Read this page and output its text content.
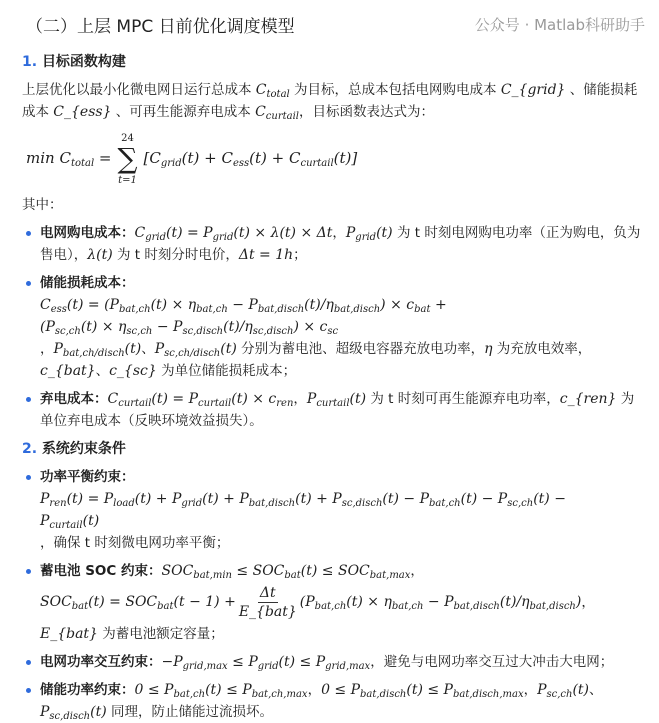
（二）上层 MPC 日前优化调度模型
1. 目标函数构建

上层优化以最小化微电网日运行总成本 $C_{total}$ 为目标，总成本包括电网购电成本 C_{grid} 、储能损耗成本 C_{ess} 、可再生能源弃电成本 $C_{curtail}$，目标函数表达式为：

$\min C_{total}$ =
24
∑
t=1
$[C_{grid}(t) + C_{ess}(t) + C_{curtail}(t)]$

其中：

电网购电成本：$C_{grid}(t) = P_{grid}(t) \times \lambda(t) \times \Delta t$，$P_{grid}(t)$ 为 t 时刻电网购电功率（正为购电，负为售电），λ(t) 为 t 时刻分时电价，Δt = 1h；
储能损耗成本：
$C_{ess}(t) = (P_{bat,ch}(t) \times \eta_{bat,ch} - P_{bat,disch}(t)/\eta_{bat,disch}) \times c_{bat}$ +
$(P_{sc,ch}(t) \times \eta_{sc,ch} - P_{sc,disch}(t)/\eta_{sc,disch}) \times c_{sc}$
，$P_{bat,ch/disch}(t)$、$P_{sc,ch/disch}(t)$ 分别为蓄电池、超级电容器充放电功率，η 为充放电效率，c_{bat}、c_{sc} 为单位储能损耗成本；
弃电成本：$C_{curtail}(t) = P_{curtail}(t) \times c_{ren}$，$P_{curtail}(t)$ 为 t 时刻可再生能源弃电功率，c_{ren} 为单位弃电成本（反映环境效益损失）。
2. 系统约束条件
功率平衡约束：
$P_{ren}(t) = P_{load}(t) + P_{grid}(t) + P_{bat,disch}(t) + P_{sc,disch}(t) - P_{bat,ch}(t) - P_{sc,ch}(t)$ −
$P_{curtail}(t)$
，确保 t 时刻微电网功率平衡；
蓄电池 SOC 约束：$SOC_{bat,min} \le SOC_{bat}(t) \le SOC_{bat,max}$，
$SOC_{bat}(t) = SOC_{bat}(t - 1) + \frac{\Delta t}{\text{E\_\{bat\}}} (P_{bat,ch}(t) \times \eta_{bat,ch} - P_{bat,disch}(t)/\eta_{bat,disch})$，E_{bat} 为蓄电池额定容量；
电网功率交互约束：$-P_{grid,max} \le P_{grid}(t) \le P_{grid,max}$，避免与电网功率交互过大冲击大电网；
储能功率约束：$0 \le P_{bat,ch}(t) \le P_{bat,ch,max}$，$0 \le P_{bat,disch}(t) \le P_{bat,disch,max}$，$P_{sc,ch}(t)$、$P_{sc,disch}(t)$ 同理，防止储能过流损坏。
公众号 · Matlab科研助手
